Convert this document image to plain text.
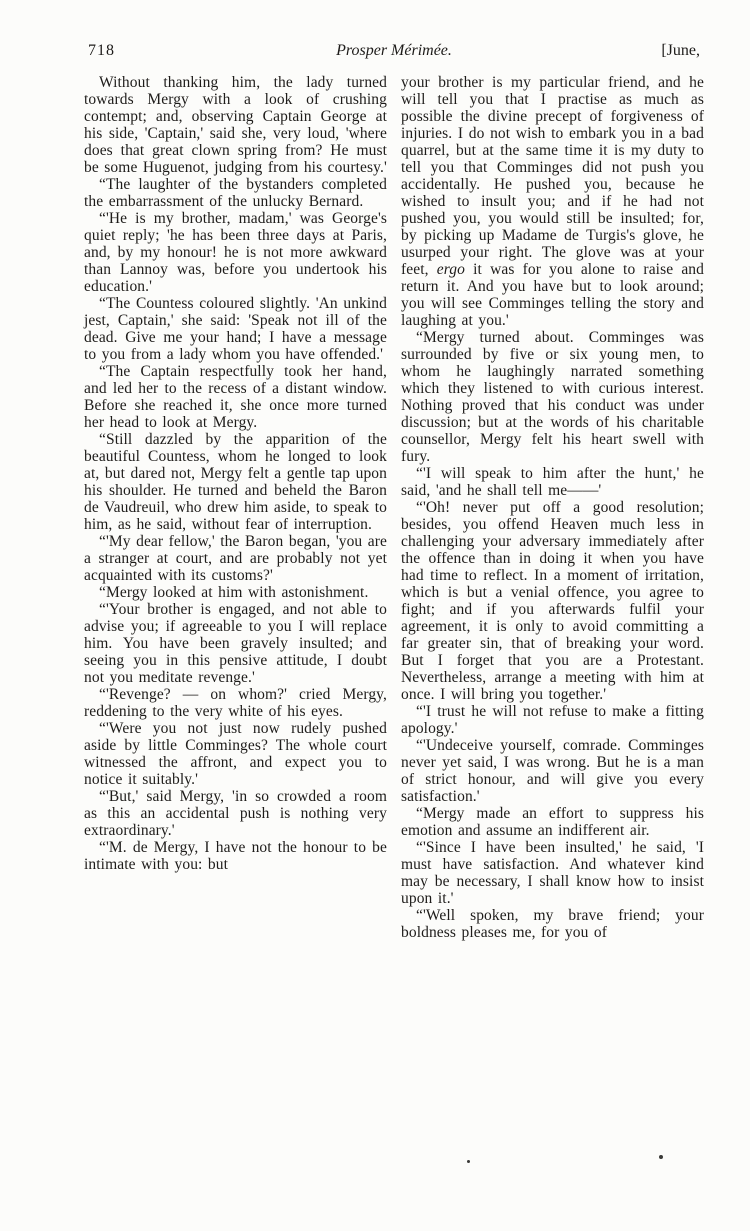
718	Prosper Mérimée.	[June,

Without thanking him, the lady turned towards Mergy with a look of crushing contempt; and, observing Captain George at his side, 'Captain,' said she, very loud, 'where does that great clown spring from? He must be some Huguenot, judging from his courtesy.'

“The laughter of the bystanders completed the embarrassment of the unlucky Bernard.

“'He is my brother, madam,' was George's quiet reply; 'he has been three days at Paris, and, by my honour! he is not more awkward than Lannoy was, before you undertook his education.'

“The Countess coloured slightly. 'An unkind jest, Captain,' she said: 'Speak not ill of the dead. Give me your hand; I have a message to you from a lady whom you have offended.'

“The Captain respectfully took her hand, and led her to the recess of a distant window. Before she reached it, she once more turned her head to look at Mergy.

“Still dazzled by the apparition of the beautiful Countess, whom he longed to look at, but dared not, Mergy felt a gentle tap upon his shoulder. He turned and beheld the Baron de Vaudreuil, who drew him aside, to speak to him, as he said, without fear of interruption.

“'My dear fellow,' the Baron began, 'you are a stranger at court, and are probably not yet acquainted with its customs?'

“Mergy looked at him with astonishment.

“'Your brother is engaged, and not able to advise you; if agreeable to you I will replace him. You have been gravely insulted; and seeing you in this pensive attitude, I doubt not you meditate revenge.'

“'Revenge? — on whom?' cried Mergy, reddening to the very white of his eyes.

“'Were you not just now rudely pushed aside by little Comminges? The whole court witnessed the affront, and expect you to notice it suitably.'

“'But,' said Mergy, 'in so crowded a room as this an accidental push is nothing very extraordinary.'

“'M. de Mergy, I have not the honour to be intimate with you: but

your brother is my particular friend, and he will tell you that I practise as much as possible the divine precept of forgiveness of injuries. I do not wish to embark you in a bad quarrel, but at the same time it is my duty to tell you that Comminges did not push you accidentally. He pushed you, because he wished to insult you; and if he had not pushed you, you would still be insulted; for, by picking up Madame de Turgis's glove, he usurped your right. The glove was at your feet, ergo it was for you alone to raise and return it. And you have but to look around; you will see Comminges telling the story and laughing at you.'

“Mergy turned about. Comminges was surrounded by five or six young men, to whom he laughingly narrated something which they listened to with curious interest. Nothing proved that his conduct was under discussion; but at the words of his charitable counsellor, Mergy felt his heart swell with fury.

“'I will speak to him after the hunt,' he said, 'and he shall tell me——'

“'Oh! never put off a good resolution; besides, you offend Heaven much less in challenging your adversary immediately after the offence than in doing it when you have had time to reflect. In a moment of irritation, which is but a venial offence, you agree to fight; and if you afterwards fulfil your agreement, it is only to avoid committing a far greater sin, that of breaking your word. But I forget that you are a Protestant. Nevertheless, arrange a meeting with him at once. I will bring you together.'

“'I trust he will not refuse to make a fitting apology.'

“'Undeceive yourself, comrade. Comminges never yet said, I was wrong. But he is a man of strict honour, and will give you every satisfaction.'

“Mergy made an effort to suppress his emotion and assume an indifferent air.

“'Since I have been insulted,' he said, 'I must have satisfaction. And whatever kind may be necessary, I shall know how to insist upon it.'

“'Well spoken, my brave friend; your boldness pleases me, for you of
